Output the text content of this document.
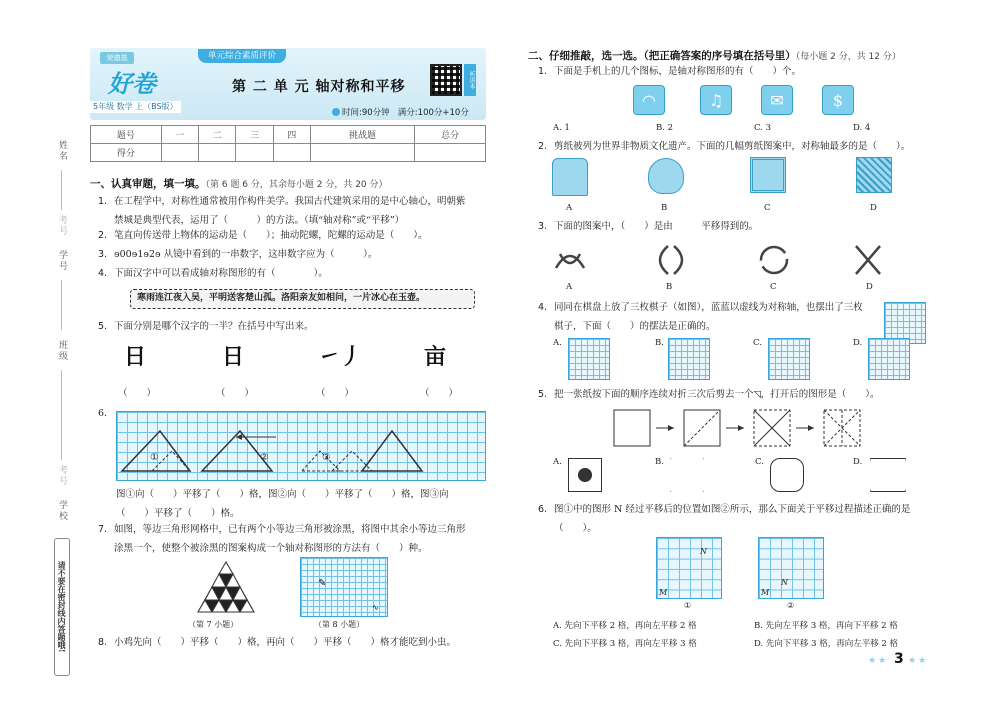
姓名
考号
学号
班级
考号
学校
请不要在密封线内答题哦!
荣德基
好卷
5年级 数学 上（BS版）
单元综合素质评价
第 二 单 元 轴对称和平移	听讲本
时间:90分钟 满分:100分+10分
题号	一	二	三	四	挑战题	总分
得分						
一、认真审题，填一填。（第 6 题 6 分，其余每小题 2 分，共 20 分）
1. 在工程学中，对称性通常被用作构件美学。我国古代建筑采用的是中心轴心，明朝紫
禁城是典型代表，运用了（　　　）的方法。（填“轴对称”或“平移”）
2. 笔直向传送带上物体的运动是（　　）；抽动陀螺，陀螺的运动是（　　）。
3. ɘ00ɘ1ɘ2ɘ 从镜中看到的一串数字，这串数字应为（　　　）。
4. 下面汉字中可以看成轴对称图形的有（　　　　）。
寒雨连江夜入吴，平明送客楚山孤。洛阳亲友如相问，一片冰心在玉壶。
5. 下面分别是哪个汉字的一半？在括号中写出来。
日	日	㇀丿	亩
（　　）	（　　）	（　　）	（　　）
6.
①	②	③
图①向（　　）平移了（　　）格，图②向（　　）平移了（　　）格，图③向
（　　）平移了（　　）格。
7. 如图，等边三角形网格中，已有两个小等边三角形被涂黑，将图中其余小等边三角形
涂黑一个，使整个被涂黑的图案构成一个轴对称图形的方法有（　　）种。
✎
∿
（第 7 小题）	（第 8 小题）
8. 小鸡先向（　　）平移（　　）格，再向（　　）平移（　　）格才能吃到小虫。
二、仔细推敲，选一选。（把正确答案的序号填在括号里）（每小题 2 分，共 12 分）
1. 下面是手机上的几个图标，是轴对称图形的有（　　）个。
◠	♫	✉	$
A. 1	B. 2	C. 3	D. 4
2. 剪纸被列为世界非物质文化遗产。下面的几幅剪纸图案中，对称轴最多的是（　　）。
A	B	C	D
3. 下面的图案中，（　　）是由　　　平移得到的。
A	B	C	D
4. 同同在棋盘上放了三枚棋子（如图），蓝蓝以虚线为对称轴，也摆出了三枚
棋子，下面（　　）的摆法是正确的。
A.	B.	C.	D.
5. 把一张纸按下面的顺序连续对折三次后剪去一个◹，打开后的图形是（　　）。
A.	B.	C.	D.
6. 图①中的图形 N 经过平移后的位置如图②所示，那么下面关于平移过程描述正确的是
（　　）。
N
M
N
M
①	②
A. 先向下平移 2 格，再向左平移 2 格	B. 先向左平移 3 格，再向下平移 2 格
C. 先向下平移 3 格，再向左平移 3 格	D. 先向下平移 3 格，再向左平移 2 格
★★ 3 ★★
